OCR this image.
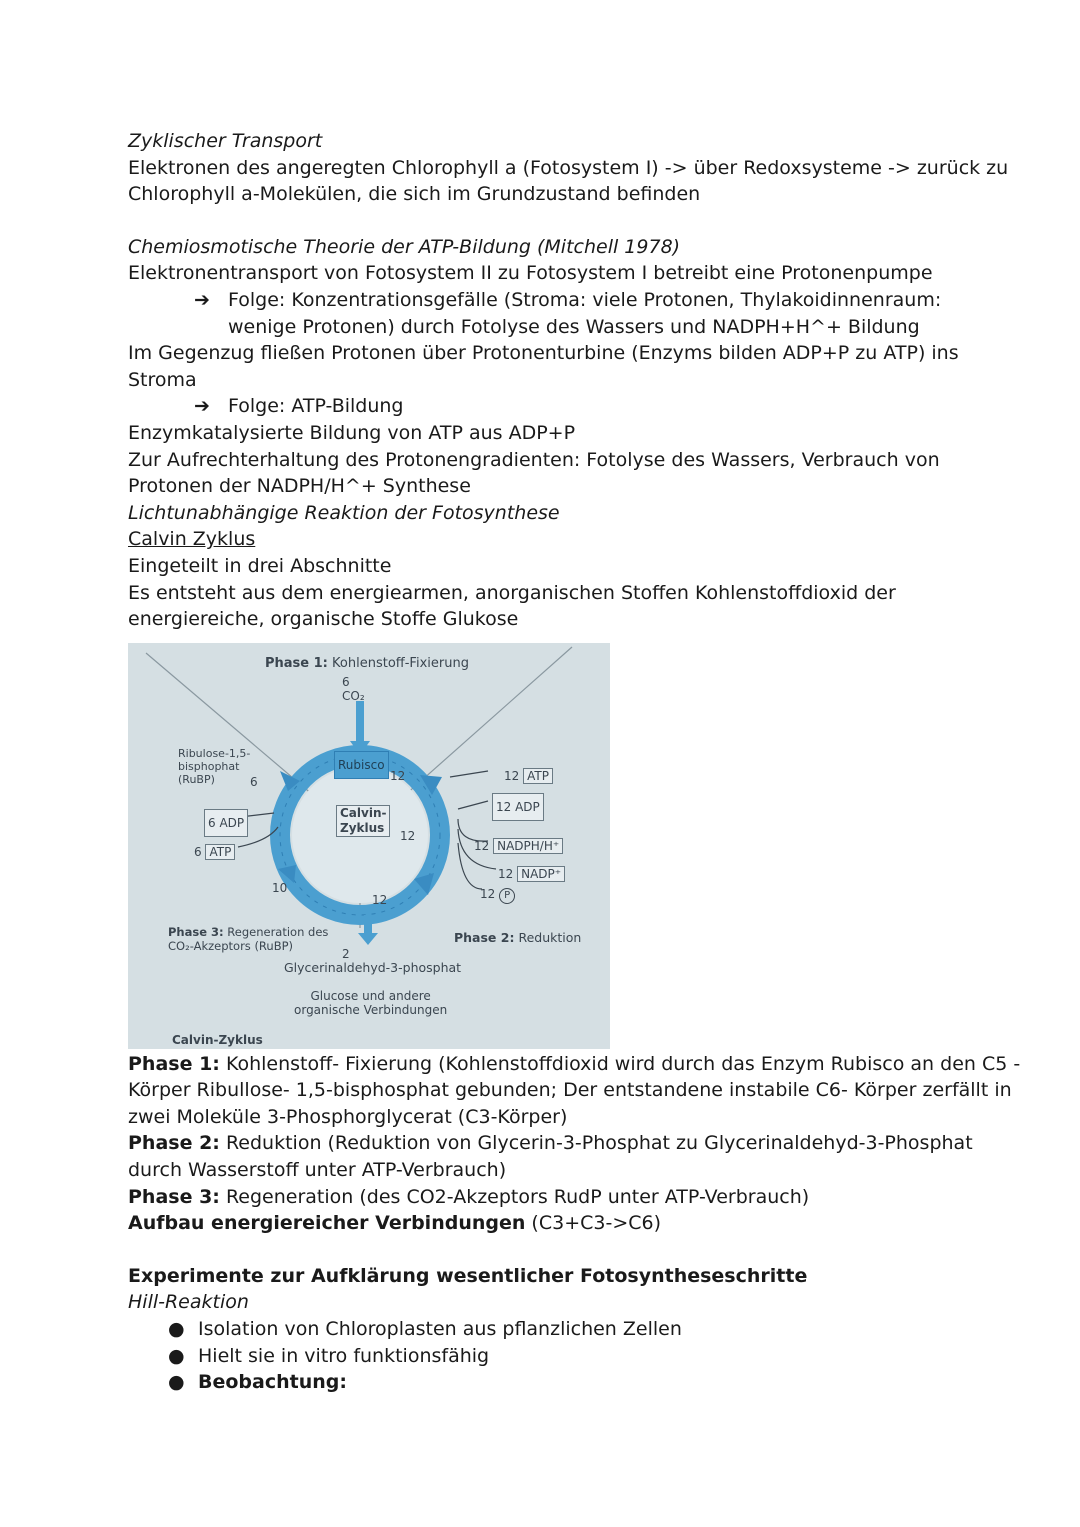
Zyklischer Transport
Elektronen des angeregten Chlorophyll a (Fotosystem I) -> über Redoxsysteme -> zurück zu
Chlorophyll a-Molekülen, die sich im Grundzustand befinden
Chemiosmotische Theorie der ATP-Bildung (Mitchell 1978)
Elektronentransport von Fotosystem II zu Fotosystem I betreibt eine Protonenpumpe
➔ Folge: Konzentrationsgefälle (Stroma: viele Protonen, Thylakoidinnenraum:
wenige Protonen) durch Fotolyse des Wassers und NADPH+H^+ Bildung
Im Gegenzug fließen Protonen über Protonenturbine (Enzyms bilden ADP+P zu ATP) ins
Stroma
➔ Folge: ATP-Bildung
Enzymkatalysierte Bildung von ATP aus ADP+P
Zur Aufrechterhaltung des Protonengradienten: Fotolyse des Wassers, Verbrauch von
Protonen der NADPH/H^+ Synthese
Lichtunabhängige Reaktion der Fotosynthese
Calvin Zyklus
Eingeteilt in drei Abschnitte
Es entsteht aus dem energiearmen, anorganischen Stoffen Kohlenstoffdioxid der
energiereiche, organische Stoffe Glukose
Phase 1: Kohlenstoff-Fixierung
6
CO₂
Rubisco
Ribulose-1,5-
bisphophat
(RuBP)	6	12	12 ATP
12 ADP
6 ADP
6 ATP
Calvin-
Zyklus
12
12 NADPH/H⁺
12 NADP⁺
12 P
10
12
Phase 3: Regeneration des
CO₂-Akzeptors (RuBP)
Phase 2: Reduktion
2
Glycerinaldehyd-3-phosphat
Glucose und andere
organische Verbindungen
Calvin-Zyklus
Phase 1: Kohlenstoff- Fixierung (Kohlenstoffdioxid wird durch das Enzym Rubisco an den C5 -
Körper Ribullose- 1,5-bisphosphat gebunden; Der entstandene instabile C6- Körper zerfällt in
zwei Moleküle 3-Phosphorglycerat (C3-Körper)
Phase 2: Reduktion (Reduktion von Glycerin-3-Phosphat zu Glycerinaldehyd-3-Phosphat
durch Wasserstoff unter ATP-Verbrauch)
Phase 3: Regeneration (des CO2-Akzeptors RudP unter ATP-Verbrauch)
Aufbau energiereicher Verbindungen (C3+C3->C6)
Experimente zur Aufklärung wesentlicher Fotosyntheseschritte
Hill-Reaktion
● Isolation von Chloroplasten aus pflanzlichen Zellen
● Hielt sie in vitro funktionsfähig
● Beobachtung:
